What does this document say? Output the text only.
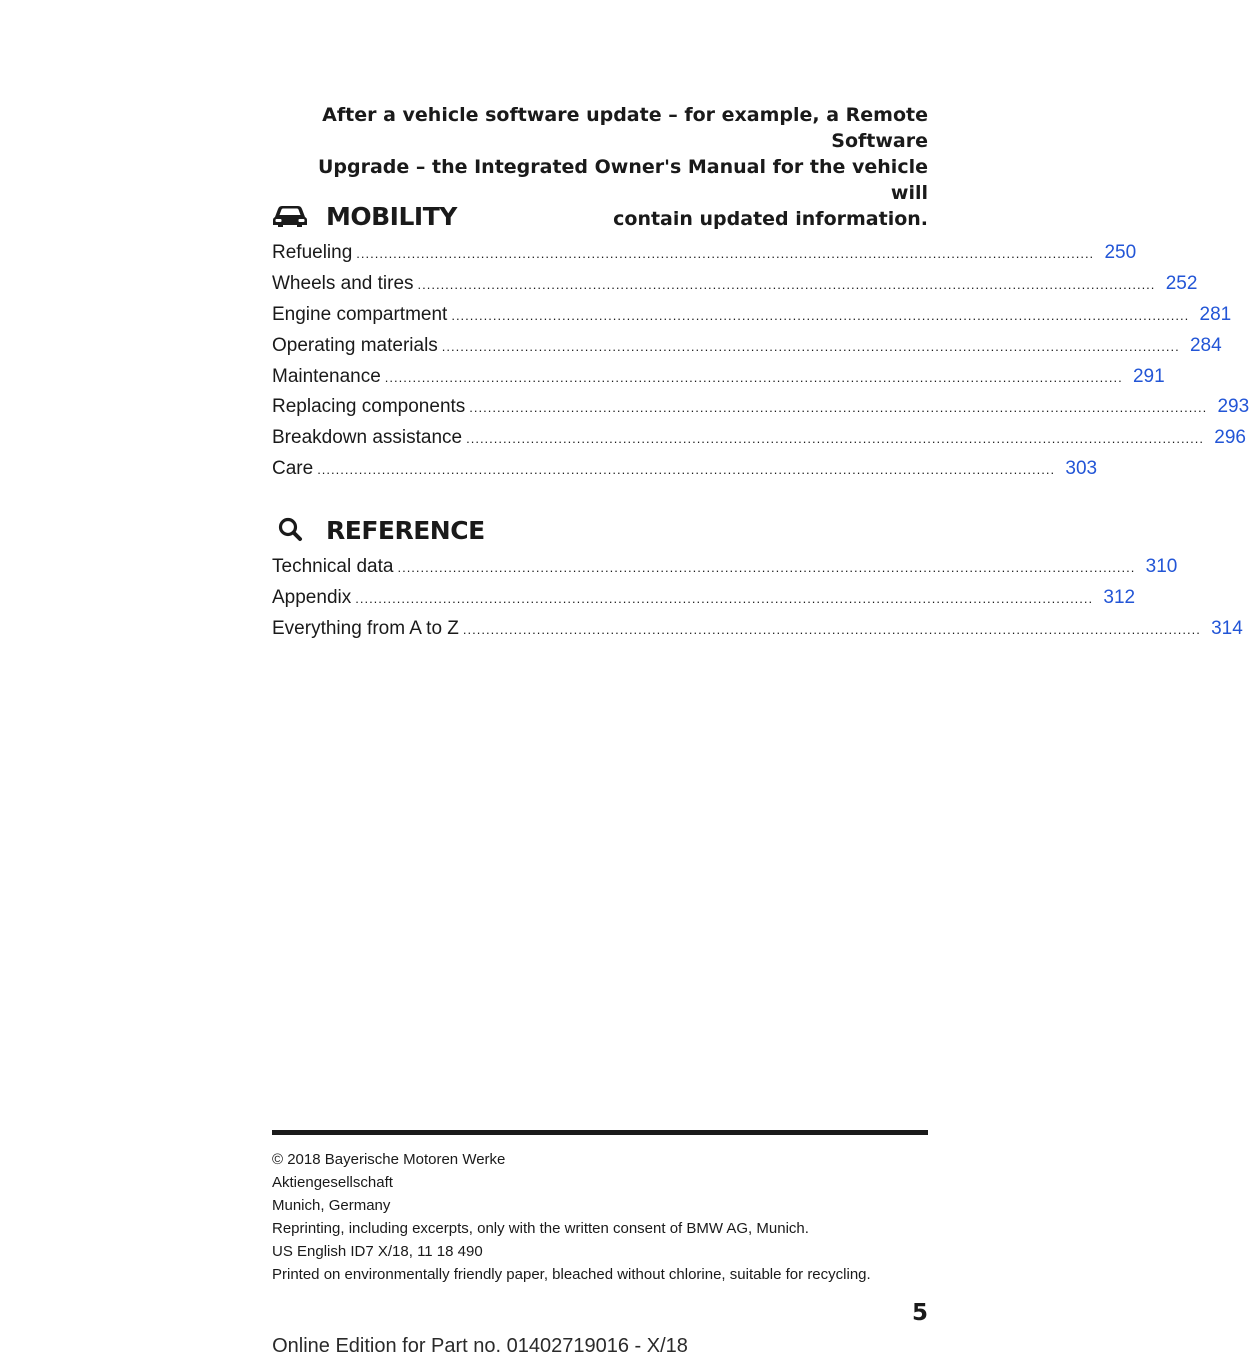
After a vehicle software update – for example, a Remote Software
Upgrade – the Integrated Owner's Manual for the vehicle will
contain updated information.
MOBILITY
Refueling ................................................................................................................................................................ 250
Wheels and tires ................................................................................................................................................................ 252
Engine compartment ................................................................................................................................................................ 281
Operating materials ................................................................................................................................................................ 284
Maintenance ................................................................................................................................................................ 291
Replacing components ................................................................................................................................................................ 293
Breakdown assistance ................................................................................................................................................................ 296
Care ................................................................................................................................................................ 303
REFERENCE
Technical data ................................................................................................................................................................ 310
Appendix ................................................................................................................................................................ 312
Everything from A to Z ................................................................................................................................................................ 314
© 2018 Bayerische Motoren Werke
Aktiengesellschaft
Munich, Germany
Reprinting, including excerpts, only with the written consent of BMW AG, Munich.
US English ID7 X/18, 11 18 490
Printed on environmentally friendly paper, bleached without chlorine, suitable for recycling.
5
Online Edition for Part no. 01402719016 - X/18
